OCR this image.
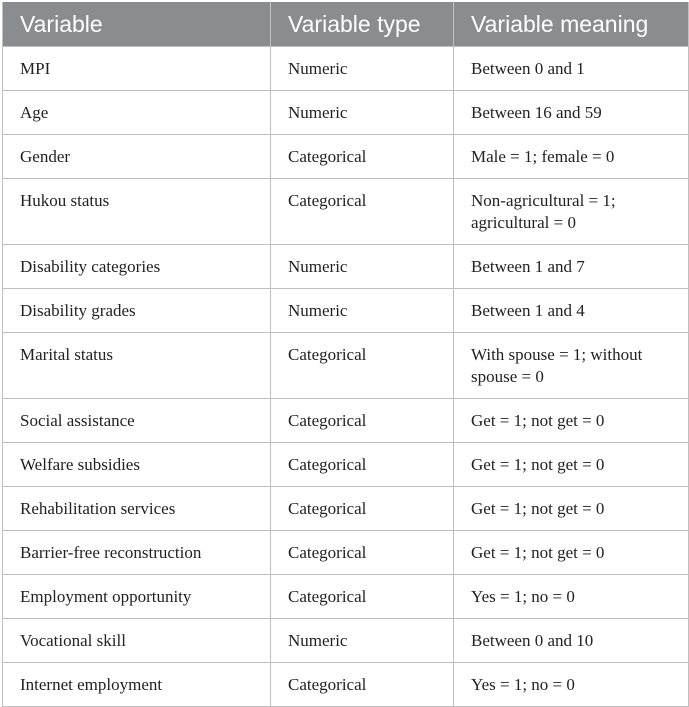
Variable	Variable type	Variable meaning
MPI	Numeric	Between 0 and 1
Age	Numeric	Between 16 and 59
Gender	Categorical	Male = 1; female = 0
Hukou status	Categorical	Non-agricultural = 1; agricultural = 0
Disability categories	Numeric	Between 1 and 7
Disability grades	Numeric	Between 1 and 4
Marital status	Categorical	With spouse = 1; without spouse = 0
Social assistance	Categorical	Get = 1; not get = 0
Welfare subsidies	Categorical	Get = 1; not get = 0
Rehabilitation services	Categorical	Get = 1; not get = 0
Barrier-free reconstruction	Categorical	Get = 1; not get = 0
Employment opportunity	Categorical	Yes = 1; no = 0
Vocational skill	Numeric	Between 0 and 10
Internet employment	Categorical	Yes = 1; no = 0
